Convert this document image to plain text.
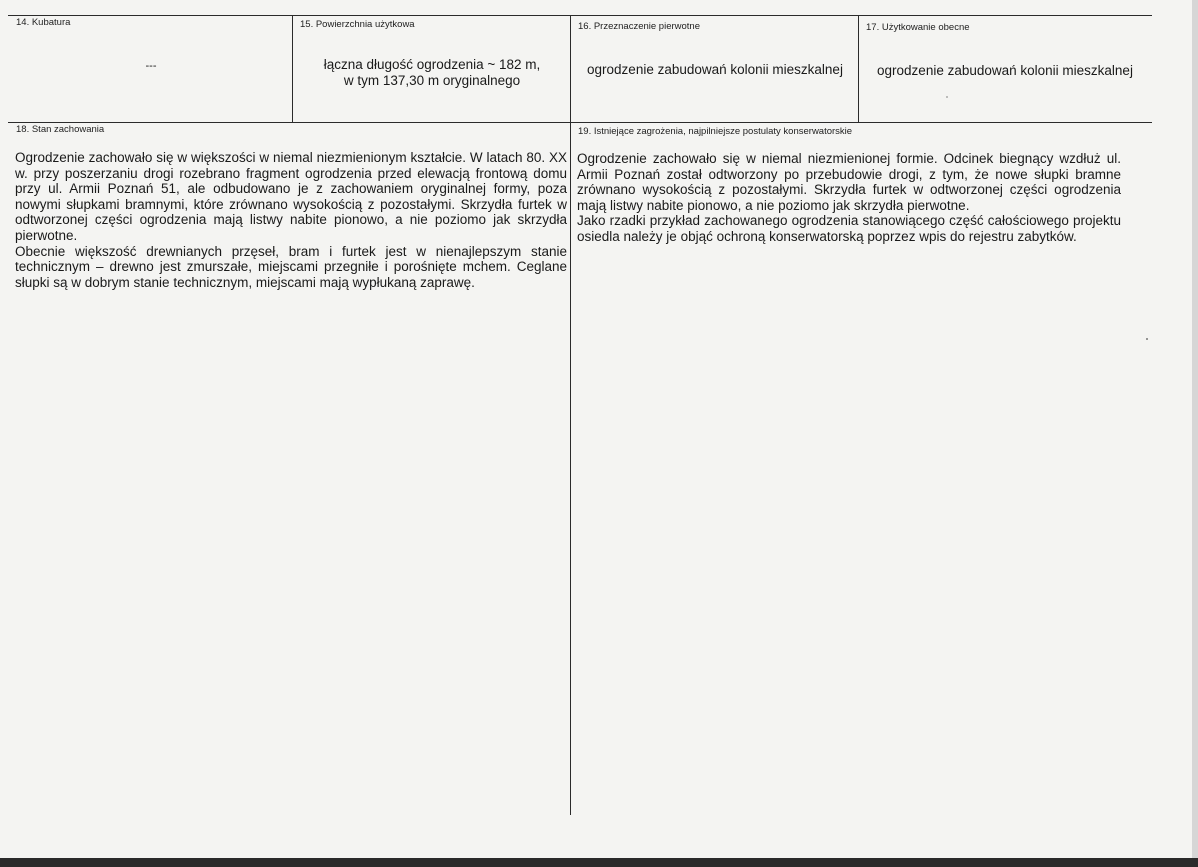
14. Kubatura
---
15. Powierzchnia użytkowa
łączna długość ogrodzenia ~ 182 m,
w tym 137,30 m oryginalnego
16. Przeznaczenie pierwotne
ogrodzenie zabudowań kolonii mieszkalnej
17. Użytkowanie obecne
ogrodzenie zabudowań kolonii mieszkalnej
18. Stan zachowania

Ogrodzenie zachowało się w większości w niemal niezmienionym kształcie. W latach 80. XX w. przy poszerzaniu drogi rozebrano fragment ogrodzenia przed elewacją frontową domu przy ul. Armii Poznań 51, ale odbudowano je z zachowaniem oryginalnej formy, poza nowymi słupkami bramnymi, które zrównano wysokością z pozostałymi. Skrzydła furtek w odtworzonej części ogrodzenia mają listwy nabite pionowo, a nie poziomo jak skrzydła pierwotne.

Obecnie większość drewnianych przęseł, bram i furtek jest w nienajlepszym stanie technicznym – drewno jest zmurszałe, miejscami przegniłe i porośnięte mchem. Ceglane słupki są w dobrym stanie technicznym, miejscami mają wypłukaną zaprawę.

19. Istniejące zagrożenia, najpilniejsze postulaty konserwatorskie

Ogrodzenie zachowało się w niemal niezmienionej formie. Odcinek biegnący wzdłuż ul. Armii Poznań został odtworzony po przebudowie drogi, z tym, że nowe słupki bramne zrównano wysokością z pozostałymi. Skrzydła furtek w odtworzonej części ogrodzenia mają listwy nabite pionowo, a nie poziomo jak skrzydła pierwotne.

Jako rzadki przykład zachowanego ogrodzenia stanowiącego część całościowego projektu osiedla należy je objąć ochroną konserwatorską poprzez wpis do rejestru zabytków.
